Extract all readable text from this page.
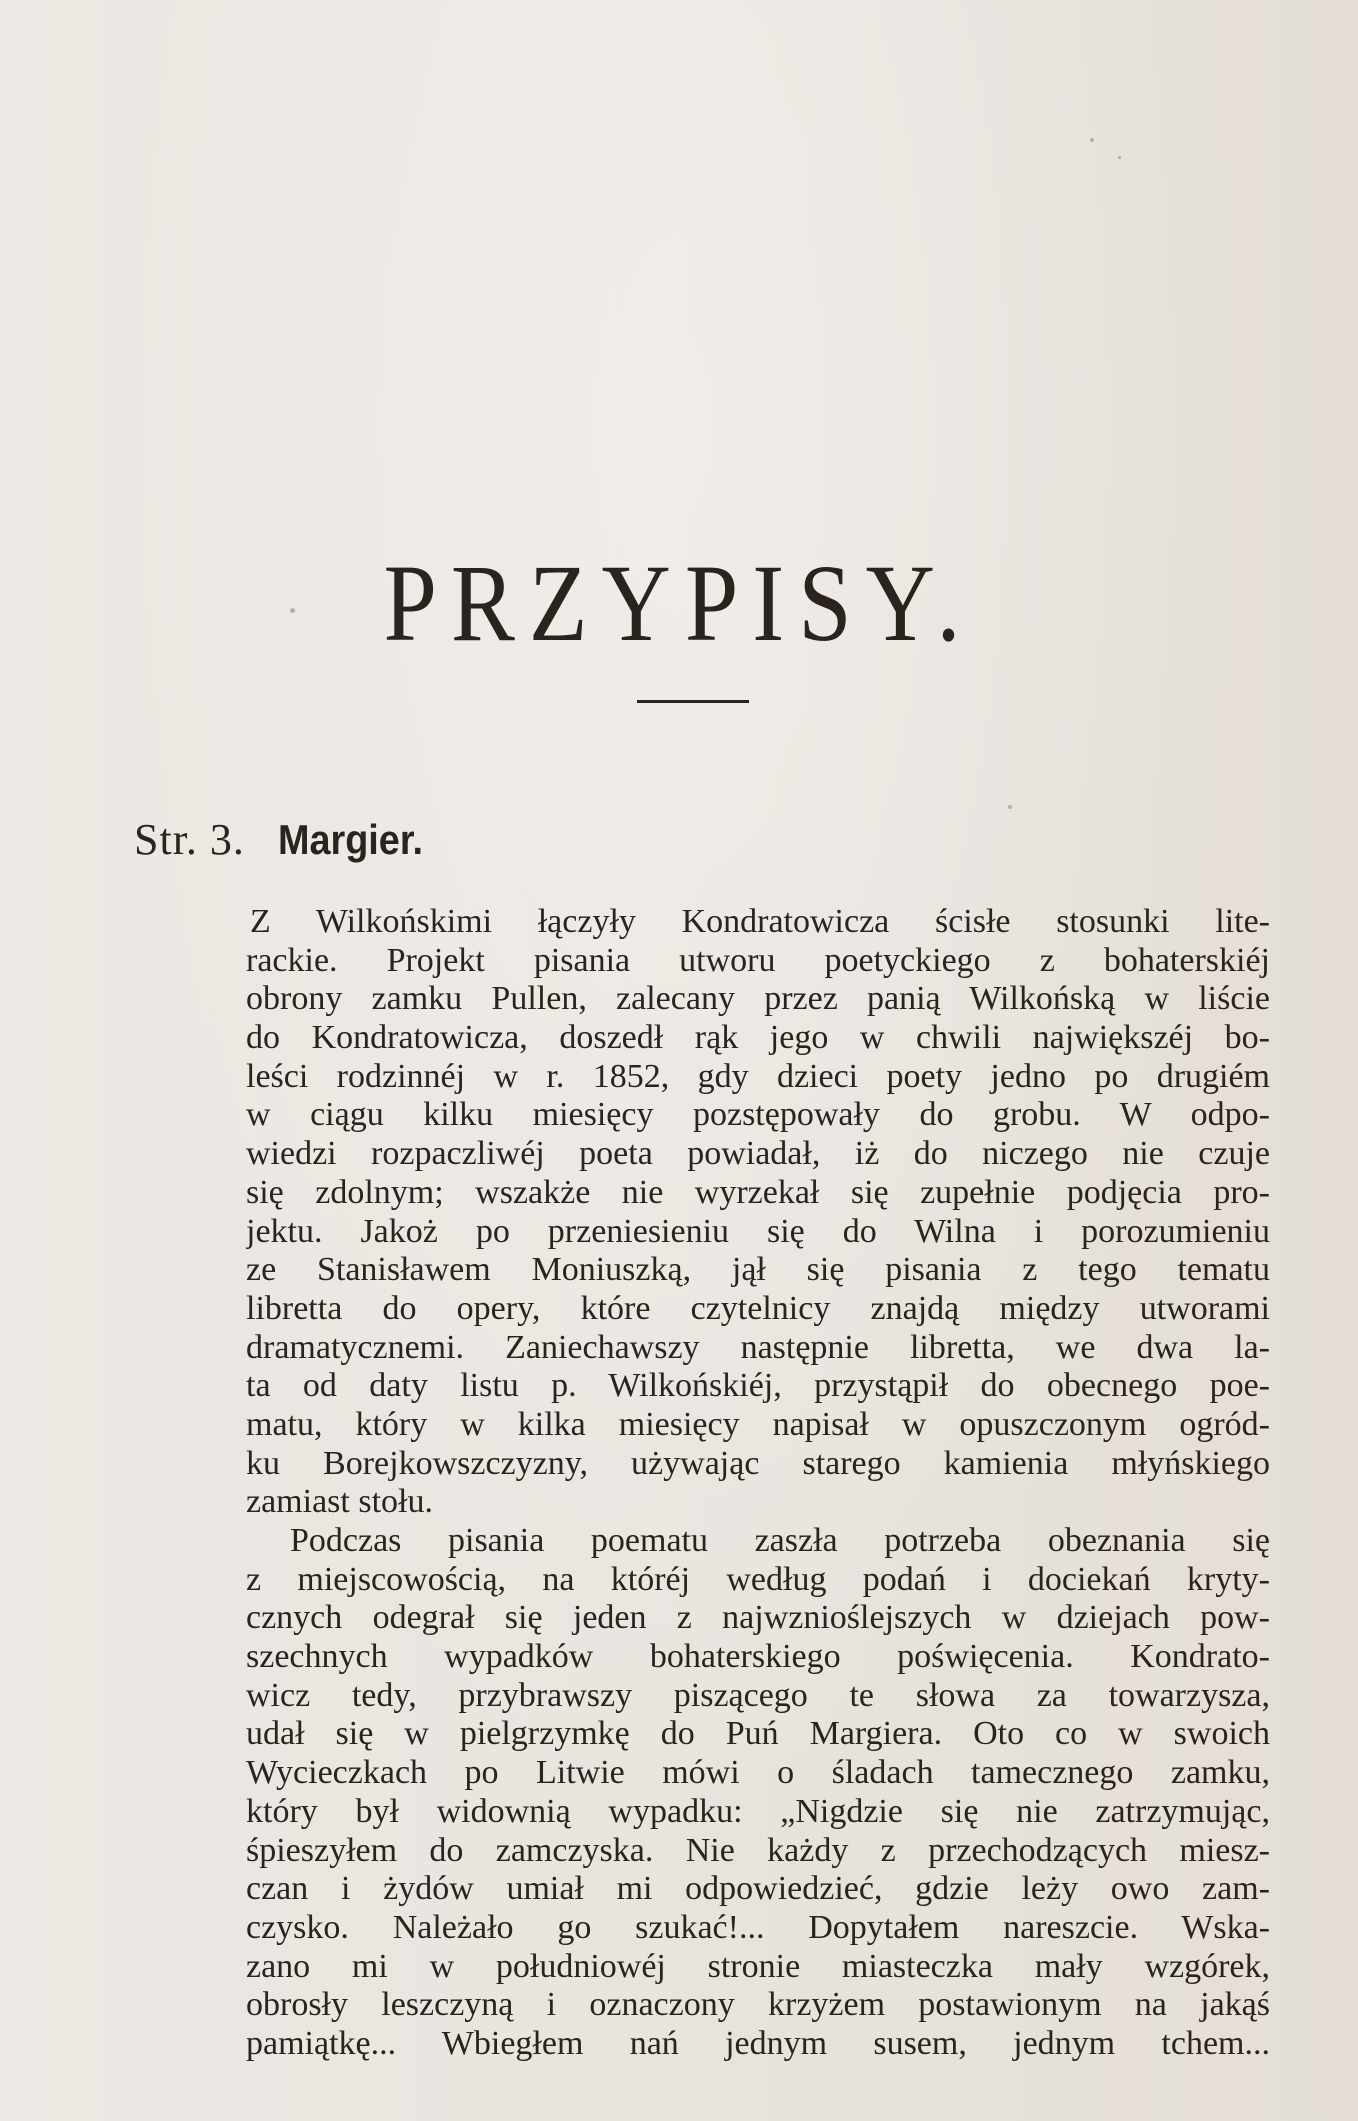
PRZYPISY.
Str. 3. Margier.
Z Wilkońskimi łączyły Kondratowicza ścisłe stosunki lite-
rackie. Projekt pisania utworu poetyckiego z bohaterskiéj
obrony zamku Pullen, zalecany przez panią Wilkońską w liście
do Kondratowicza, doszedł rąk jego w chwili największéj bo-
leści rodzinnéj w r. 1852, gdy dzieci poety jedno po drugiém
w ciągu kilku miesięcy pozstępowały do grobu. W odpo-
wiedzi rozpaczliwéj poeta powiadał, iż do niczego nie czuje
się zdolnym; wszakże nie wyrzekał się zupełnie podjęcia pro-
jektu. Jakoż po przeniesieniu się do Wilna i porozumieniu
ze Stanisławem Moniuszką, jął się pisania z tego tematu
libretta do opery, które czytelnicy znajdą między utworami
dramatycznemi. Zaniechawszy następnie libretta, we dwa la-
ta od daty listu p. Wilkońskiéj, przystąpił do obecnego poe-
matu, który w kilka miesięcy napisał w opuszczonym ogród-
ku Borejkowszczyzny, używając starego kamienia młyńskiego
zamiast stołu.
Podczas pisania poematu zaszła potrzeba obeznania się
z miejscowością, na któréj według podań i dociekań kryty-
cznych odegrał się jeden z najwznioślejszych w dziejach pow-
szechnych wypadków bohaterskiego poświęcenia. Kondrato-
wicz tedy, przybrawszy piszącego te słowa za towarzysza,
udał się w pielgrzymkę do Puń Margiera. Oto co w swoich
Wycieczkach po Litwie mówi o śladach tamecznego zamku,
który był widownią wypadku: „Nigdzie się nie zatrzymując,
śpieszyłem do zamczyska. Nie każdy z przechodzących miesz-
czan i żydów umiał mi odpowiedzieć, gdzie leży owo zam-
czysko. Należało go szukać!... Dopytałem nareszcie. Wska-
zano mi w południowéj stronie miasteczka mały wzgórek,
obrosły leszczyną i oznaczony krzyżem postawionym na jakąś
pamiątkę... Wbiegłem nań jednym susem, jednym tchem...
